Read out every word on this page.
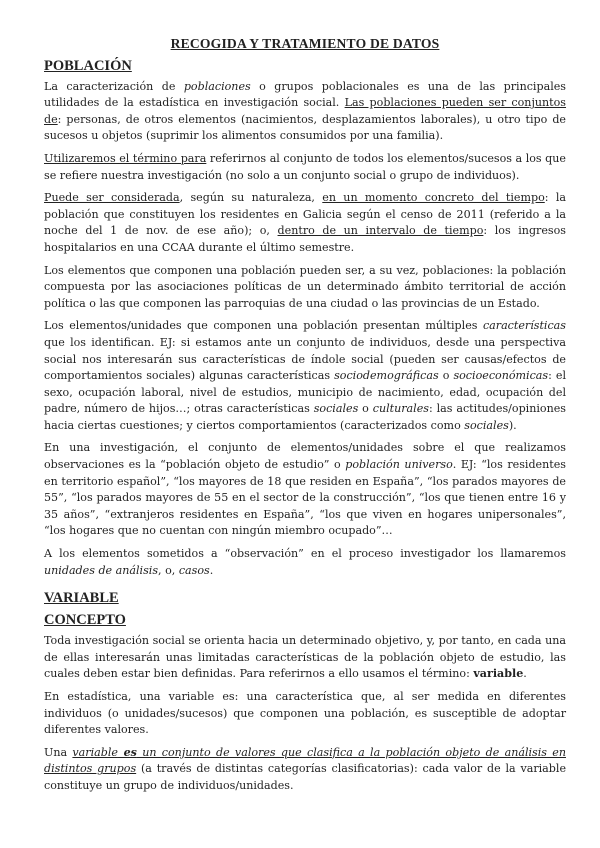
RECOGIDA Y TRATAMIENTO DE DATOS
POBLACIÓN

La caracterización de poblaciones o grupos poblacionales es una de las principales utilidades de la estadística en investigación social. Las poblaciones pueden ser conjuntos de: personas, de otros elementos (nacimientos, desplazamientos laborales), u otro tipo de sucesos u objetos (suprimir los alimentos consumidos por una familia).

Utilizaremos el término para referirnos al conjunto de todos los elementos/sucesos a los que se refiere nuestra investigación (no solo a un conjunto social o grupo de individuos).

Puede ser considerada, según su naturaleza, en un momento concreto del tiempo: la población que constituyen los residentes en Galicia según el censo de 2011 (referido a la noche del 1 de nov. de ese año); o, dentro de un intervalo de tiempo: los ingresos hospitalarios en una CCAA durante el último semestre.

Los elementos que componen una población pueden ser, a su vez, poblaciones: la población compuesta por las asociaciones políticas de un determinado ámbito territorial de acción política o las que componen las parroquias de una ciudad o las provincias de un Estado.

Los elementos/unidades que componen una población presentan múltiples características que los identifican. EJ: si estamos ante un conjunto de individuos, desde una perspectiva social nos interesarán sus características de índole social (pueden ser causas/efectos de comportamientos sociales) algunas características sociodemográficas o socioeconómicas: el sexo, ocupación laboral, nivel de estudios, municipio de nacimiento, edad, ocupación del padre, número de hijos…; otras características sociales o culturales: las actitudes/opiniones hacia ciertas cuestiones; y ciertos comportamientos (caracterizados como sociales).

En una investigación, el conjunto de elementos/unidades sobre el que realizamos observaciones es la “población objeto de estudio” o población universo. EJ: “los residentes en territorio español”, “los mayores de 18 que residen en España”, “los parados mayores de 55”, “los parados mayores de 55 en el sector de la construcción”, “los que tienen entre 16 y 35 años”, “extranjeros residentes en España”, “los que viven en hogares unipersonales”, “los hogares que no cuentan con ningún miembro ocupado”…

A los elementos sometidos a “observación” en el proceso investigador los llamaremos unidades de análisis, o, casos.

VARIABLE
CONCEPTO

Toda investigación social se orienta hacia un determinado objetivo, y, por tanto, en cada una de ellas interesarán unas limitadas características de la población objeto de estudio, las cuales deben estar bien definidas. Para referirnos a ello usamos el término: variable.

En estadística, una variable es: una característica que, al ser medida en diferentes individuos (o unidades/sucesos) que componen una población, es susceptible de adoptar diferentes valores.

Una variable es un conjunto de valores que clasifica a la población objeto de análisis en distintos grupos (a través de distintas categorías clasificatorias): cada valor de la variable constituye un grupo de individuos/unidades.
